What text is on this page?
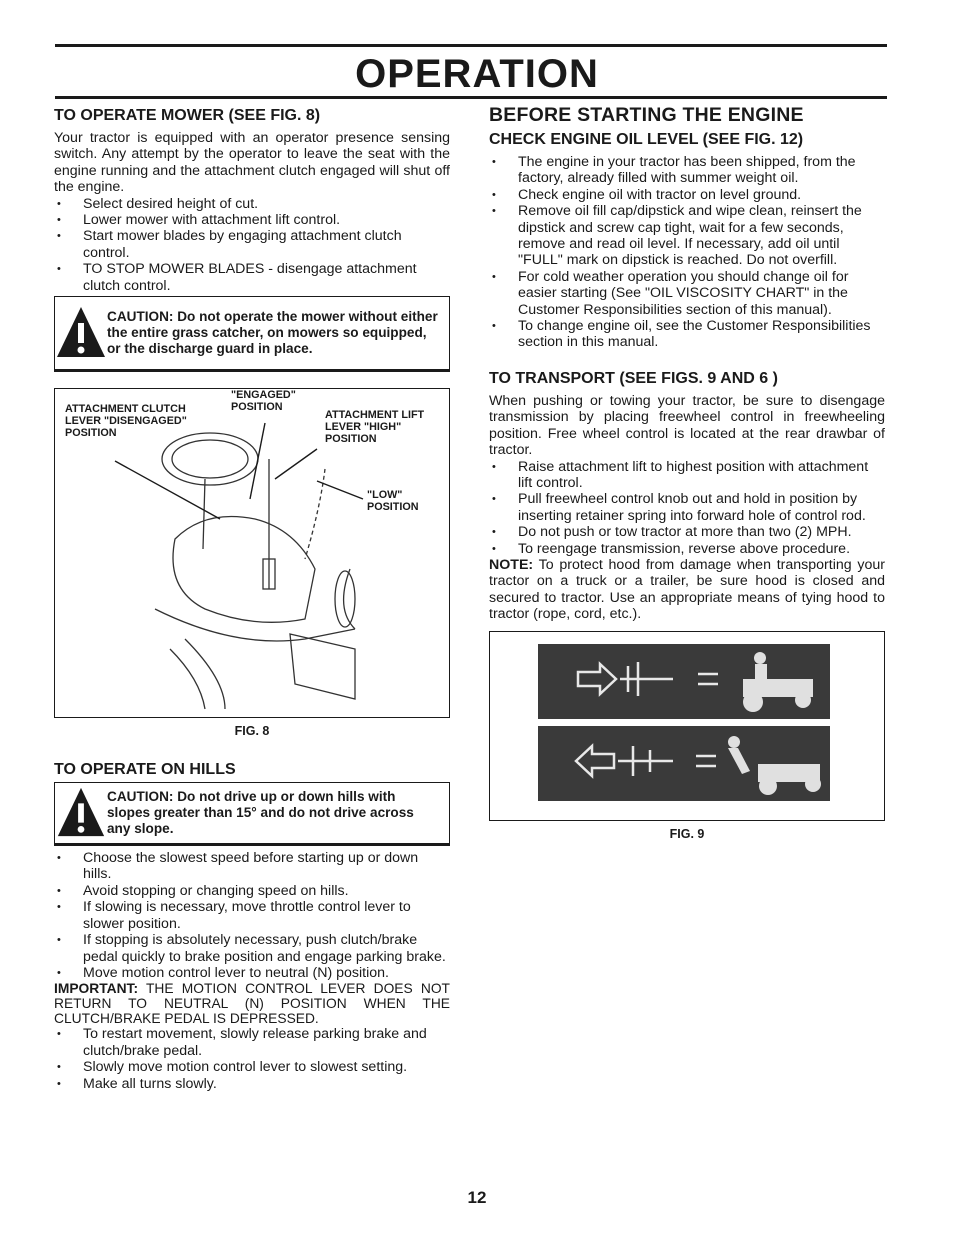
OPERATION
TO OPERATE MOWER (SEE FIG. 8)

Your tractor is equipped with an operator presence sensing switch. Any attempt by the operator to leave the seat with the engine running and the attachment clutch engaged will shut off the engine.

• Select desired height of cut.
• Lower mower with attachment lift control.
• Start mower blades by engaging attachment clutch control.
• TO STOP MOWER BLADES - disengage attachment clutch control.
CAUTION: Do not operate the mower without either the entire grass catcher, on mowers so equipped, or the discharge guard in place.
ATTACHMENT CLUTCH LEVER "DISENGAGED" POSITION
"ENGAGED" POSITION
ATTACHMENT LIFT LEVER "HIGH" POSITION
"LOW" POSITION
FIG. 8
TO OPERATE ON HILLS
CAUTION: Do not drive up or down hills with slopes greater than 15° and do not drive across any slope.
• Choose the slowest speed before starting up or down hills.
• Avoid stopping or changing speed on hills.
• If slowing is necessary, move throttle control lever to slower position.
• If stopping is absolutely necessary, push clutch/brake pedal quickly to brake position and engage parking brake.
• Move motion control lever to neutral (N) position.

IMPORTANT: THE MOTION CONTROL LEVER DOES NOT RETURN TO NEUTRAL (N) POSITION WHEN THE CLUTCH/BRAKE PEDAL IS DEPRESSED.

• To restart movement, slowly release parking brake and clutch/brake pedal.
• Slowly move motion control lever to slowest setting.
• Make all turns slowly.
BEFORE STARTING THE ENGINE
CHECK ENGINE OIL LEVEL (SEE FIG. 12)
• The engine in your tractor has been shipped, from the factory, already filled with summer weight oil.
• Check engine oil with tractor on level ground.
• Remove oil fill cap/dipstick and wipe clean, reinsert the dipstick and screw cap tight, wait for a few seconds, remove and read oil level. If necessary, add oil until "FULL" mark on dipstick is reached. Do not overfill.
• For cold weather operation you should change oil for easier starting (See "OIL VISCOSITY CHART" in the Customer Responsibilities section of this manual).
• To change engine oil, see the Customer Responsibilities section in this manual.
TO TRANSPORT (SEE FIGS. 9 AND 6 )

When pushing or towing your tractor, be sure to disengage transmission by placing freewheel control in freewheeling position. Free wheel control is located at the rear drawbar of tractor.

• Raise attachment lift to highest position with attachment lift control.
• Pull freewheel control knob out and hold in position by inserting retainer spring into forward hole of control rod.
• Do not push or tow tractor at more than two (2) MPH.
• To reengage transmission, reverse above procedure.

NOTE: To protect hood from damage when transporting your tractor on a truck or a trailer, be sure hood is closed and secured to tractor. Use an appropriate means of tying hood to tractor (rope, cord, etc.).

FIG. 9
12
